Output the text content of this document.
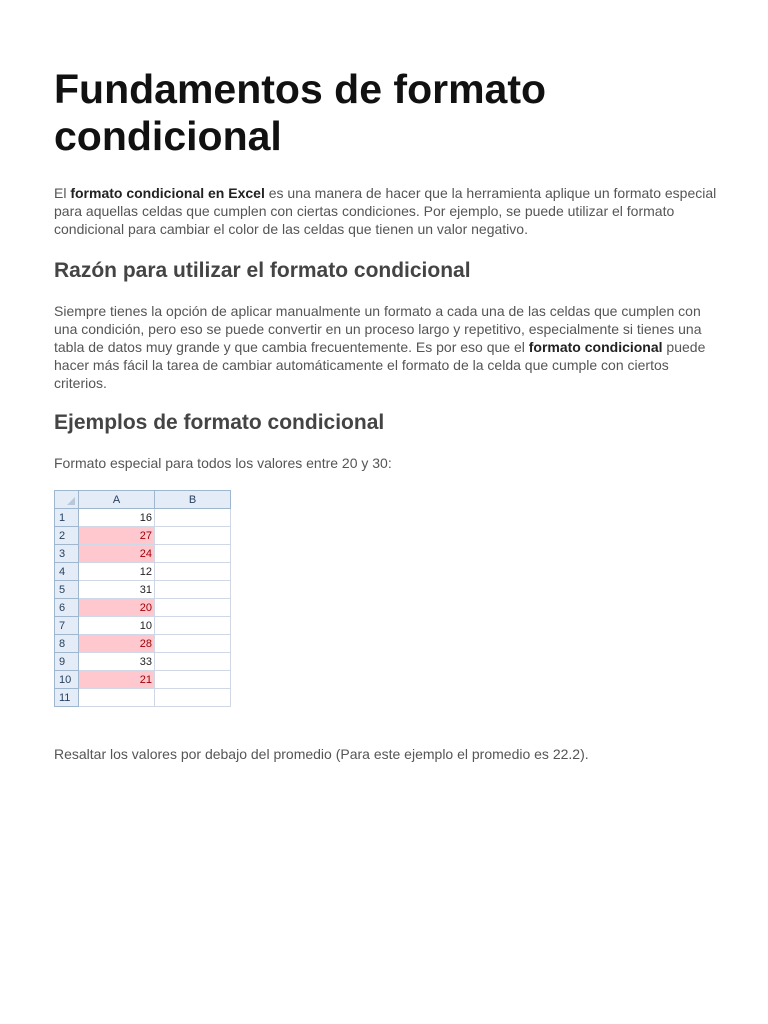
Fundamentos de formato condicional

El formato condicional en Excel es una manera de hacer que la herramienta aplique un formato especial para aquellas celdas que cumplen con ciertas condiciones. Por ejemplo, se puede utilizar el formato condicional para cambiar el color de las celdas que tienen un valor negativo.

Razón para utilizar el formato condicional

Siempre tienes la opción de aplicar manualmente un formato a cada una de las celdas que cumplen con una condición, pero eso se puede convertir en un proceso largo y repetitivo, especialmente si tienes una tabla de datos muy grande y que cambia frecuentemente. Es por eso que el formato condicional puede hacer más fácil la tarea de cambiar automáticamente el formato de la celda que cumple con ciertos criterios.

Ejemplos de formato condicional

Formato especial para todos los valores entre 20 y 30:

	A	B
1	16	
2	27	
3	24	
4	12	
5	31	
6	20	
7	10	
8	28	
9	33	
10	21	
11		

Resaltar los valores por debajo del promedio (Para este ejemplo el promedio es 22.2).
